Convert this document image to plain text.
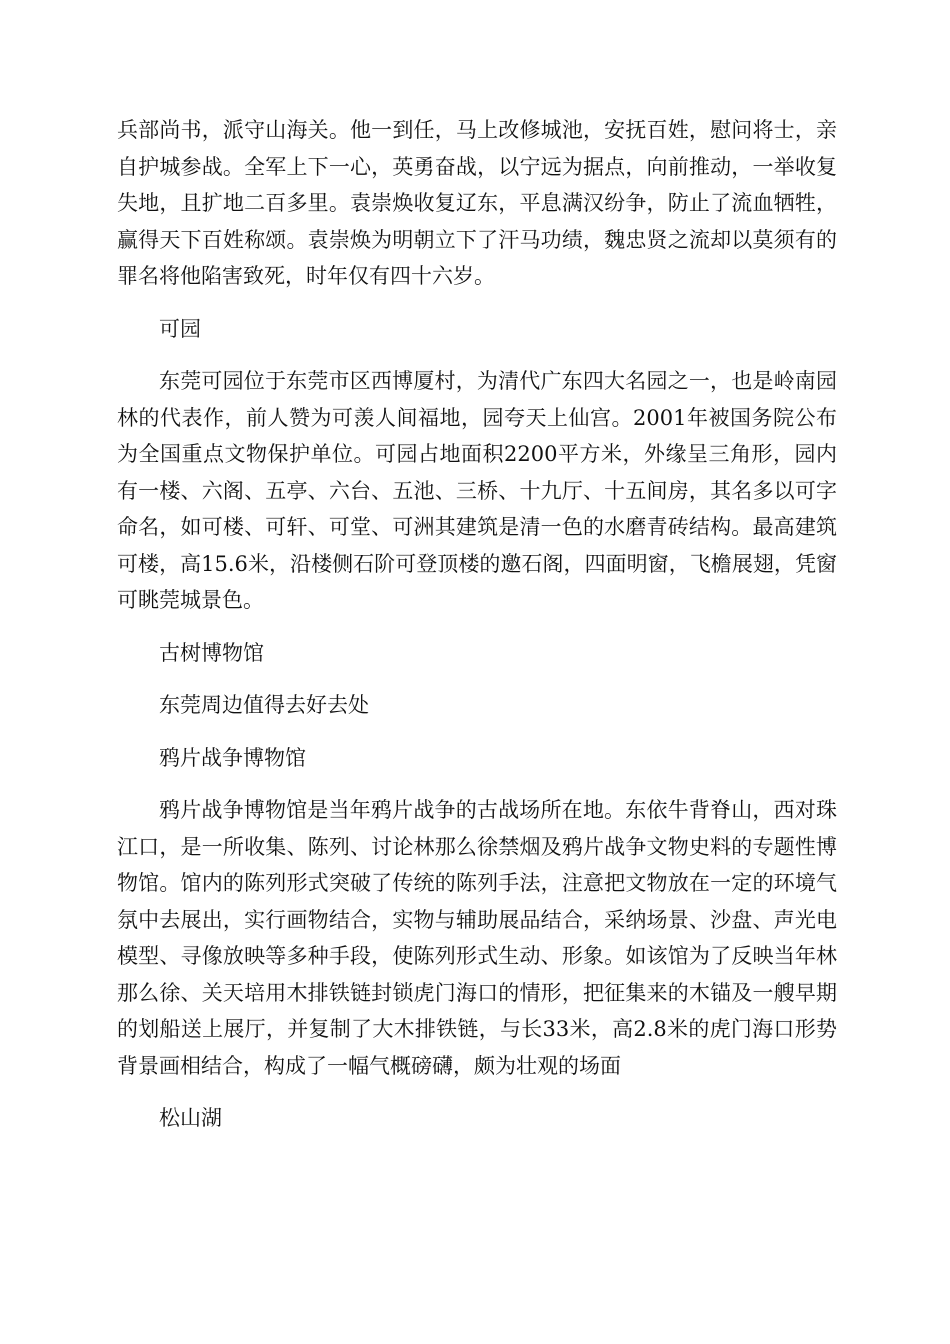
兵部尚书，派守山海关。他一到任，马上改修城池，安抚百姓，慰问将士，亲自护城参战。全军上下一心，英勇奋战，以宁远为据点，向前推动，一举收复失地，且扩地二百多里。袁崇焕收复辽东，平息满汉纷争，防止了流血牺牲，赢得天下百姓称颂。袁崇焕为明朝立下了汗马功绩，魏忠贤之流却以莫须有的罪名将他陷害致死，时年仅有四十六岁。

可园

东莞可园位于东莞市区西博厦村，为清代广东四大名园之一，也是岭南园林的代表作，前人赞为可羡人间福地，园夸天上仙宫。2001年被国务院公布为全国重点文物保护单位。可园占地面积2200平方米，外缘呈三角形，园内有一楼、六阁、五亭、六台、五池、三桥、十九厅、十五间房，其名多以可字命名，如可楼、可轩、可堂、可洲其建筑是清一色的水磨青砖结构。最高建筑可楼，高15.6米，沿楼侧石阶可登顶楼的邀石阁，四面明窗，飞檐展翅，凭窗可眺莞城景色。

古树博物馆

东莞周边值得去好去处

鸦片战争博物馆

鸦片战争博物馆是当年鸦片战争的古战场所在地。东依牛背脊山，西对珠江口，是一所收集、陈列、讨论林那么徐禁烟及鸦片战争文物史料的专题性博物馆。馆内的陈列形式突破了传统的陈列手法，注意把文物放在一定的环境气氛中去展出，实行画物结合，实物与辅助展品结合，采纳场景、沙盘、声光电模型、寻像放映等多种手段，使陈列形式生动、形象。如该馆为了反映当年林那么徐、关天培用木排铁链封锁虎门海口的情形，把征集来的木锚及一艘早期的划船送上展厅，并复制了大木排铁链，与长33米，高2.8米的虎门海口形势背景画相结合，构成了一幅气概磅礴，颇为壮观的场面

松山湖
